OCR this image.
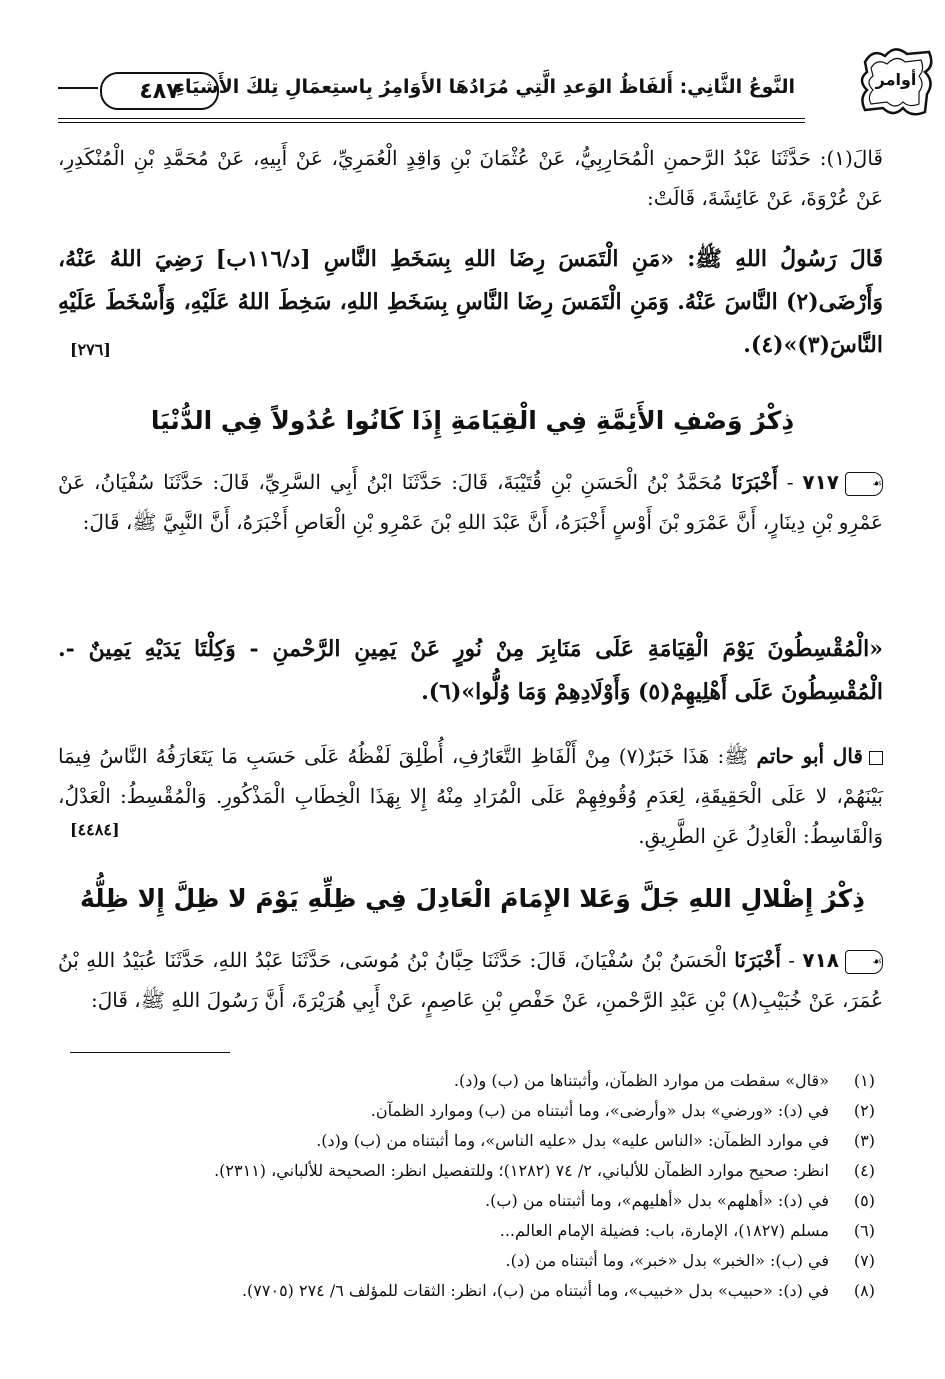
أوامر
النَّوعُ الثَّانِي: أَلفَاظُ الوَعدِ الَّتِي مُرَادُهَا الأَوَامِرُ بِاستِعمَالِ تِلكَ الأَشيَاءِ
٤٨٧
قَالَ(١): حَدَّثَنَا عَبْدُ الرَّحمنِ الْمُحَارِبِيُّ، عَنْ عُثْمَانَ بْنِ وَاقِدٍ الْعُمَرِيِّ، عَنْ أَبِيهِ، عَنْ مُحَمَّدِ بْنِ الْمُنْكَدِرِ، عَنْ عُرْوَةَ، عَنْ عَائِشَةَ، قَالَتْ:
قَالَ رَسُولُ اللهِ ﷺ: «مَنِ الْتَمَسَ رِضَا اللهِ بِسَخَطِ النَّاسِ [د/١١٦ب] رَضِيَ اللهُ عَنْهُ، وَأَرْضَى(٢) النَّاسَ عَنْهُ. وَمَنِ الْتَمَسَ رِضَا النَّاسِ بِسَخَطِ اللهِ، سَخِطَ اللهُ عَلَيْهِ، وَأَسْخَطَ عَلَيْهِ النَّاسَ(٣)»(٤).
[٢٧٦]
ذِكْرُ وَصْفِ الأَئِمَّةِ فِي الْقِيَامَةِ إِذَا كَانُوا عُدُولاً فِي الدُّنْيَا
☙٧١٧ - أَخْبَرَنَا مُحَمَّدُ بْنُ الْحَسَنِ بْنِ قُتَيْبَةَ، قَالَ: حَدَّثَنَا ابْنُ أَبِي السَّرِيِّ، قَالَ: حَدَّثَنَا سُفْيَانُ، عَنْ عَمْرِو بْنِ دِينَارٍ، أَنَّ عَمْرَو بْنَ أَوْسٍ أَخْبَرَهُ، أَنَّ عَبْدَ اللهِ بْنَ عَمْرِو بْنِ الْعَاصِ أَخْبَرَهُ، أَنَّ النَّبِيَّ ﷺ، قَالَ:
«الْمُقْسِطُونَ يَوْمَ الْقِيَامَةِ عَلَى مَنَابِرَ مِنْ نُورٍ عَنْ يَمِينِ الرَّحْمنِ - وَكِلْتَا يَدَيْهِ يَمِينٌ -. الْمُقْسِطُونَ عَلَى أَهْلِيهِمْ(٥) وَأَوْلَادِهِمْ وَمَا وُلُّوا»(٦).
قال أبو حاتم ﷺ: هَذَا خَبَرٌ(٧) مِنْ أَلْفَاظِ التَّعَارُفِ، أُطْلِقَ لَفْظُهُ عَلَى حَسَبِ مَا يَتَعَارَفُهُ النَّاسُ فِيمَا بَيْنَهُمْ، لا عَلَى الْحَقِيقَةِ، لِعَدَمِ وُقُوفِهِمْ عَلَى الْمُرَادِ مِنْهُ إِلا بِهَذَا الْخِطَابِ الْمَذْكُورِ. وَالْمُقْسِطُ: الْعَدْلُ، وَالْقَاسِطُ: الْعَادِلُ عَنِ الطَّرِيقِ.
[٤٤٨٤]
ذِكْرُ إِظْلالِ اللهِ جَلَّ وَعَلا الإِمَامَ الْعَادِلَ فِي ظِلِّهِ يَوْمَ لا ظِلَّ إِلا ظِلُّهُ
☙٧١٨ - أَخْبَرَنَا الْحَسَنُ بْنُ سُفْيَانَ، قَالَ: حَدَّثَنَا حِبَّانُ بْنُ مُوسَى، حَدَّثَنَا عَبْدُ اللهِ، حَدَّثَنَا عُبَيْدُ اللهِ بْنُ عُمَرَ، عَنْ خُبَيْبِ(٨) بْنِ عَبْدِ الرَّحْمنِ، عَنْ حَفْصِ بْنِ عَاصِمٍ، عَنْ أَبِي هُرَيْرَةَ، أَنَّ رَسُولَ اللهِ ﷺ، قَالَ:
(١)
«قال» سقطت من موارد الظمآن، وأثبتناها من (ب) و(د).
(٢)
في (د): «ورضي» بدل «وأرضى»، وما أثبتناه من (ب) وموارد الظمآن.
(٣)
في موارد الظمآن: «الناس عليه» بدل «عليه الناس»، وما أثبتناه من (ب) و(د).
(٤)
انظر: صحيح موارد الظمآن للألباني، ٢/ ٧٤ (١٢٨٢)؛ وللتفصيل انظر: الصحيحة للألباني، (٢٣١١).
(٥)
في (د): «أهلهم» بدل «أهليهم»، وما أثبتناه من (ب).
(٦)
مسلم (١٨٢٧)، الإمارة، باب: فضيلة الإمام العالم...
(٧)
في (ب): «الخبر» بدل «خبر»، وما أثبتناه من (د).
(٨)
في (د): «حبيب» بدل «خبيب»، وما أثبتناه من (ب)، انظر: الثقات للمؤلف ٦/ ٢٧٤ (٧٧٠٥).
